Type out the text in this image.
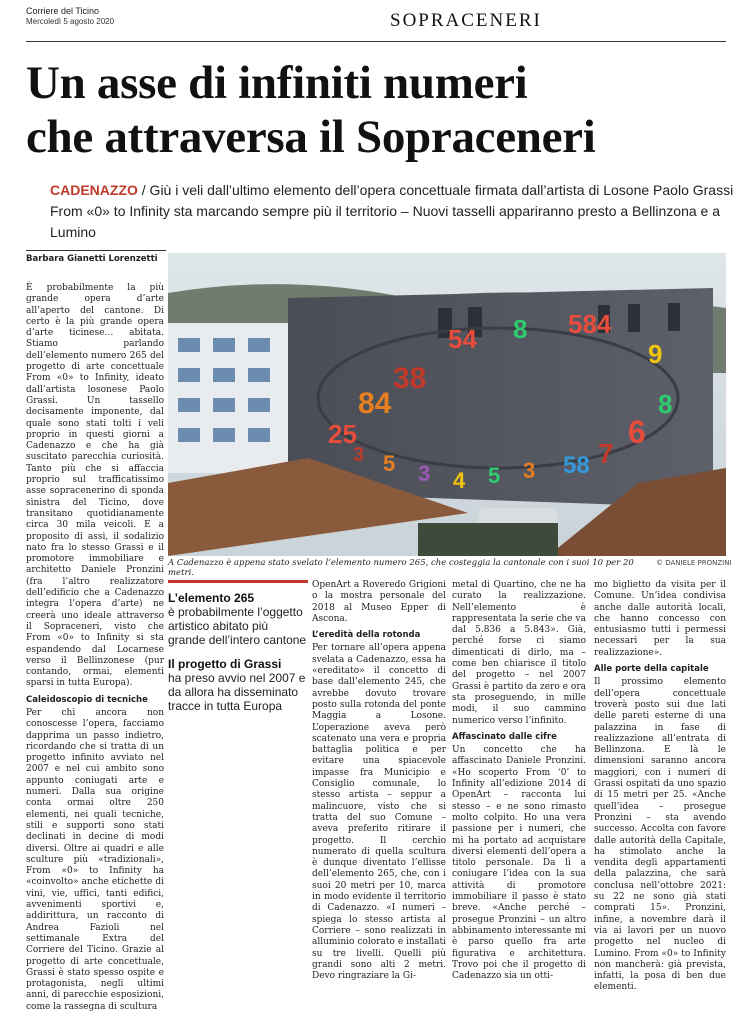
Corriere del Ticino
Mercoledì 5 agosto 2020	SOPRACENERI
Un asse di infiniti numeri
che attraversa il Sopraceneri
CADENAZZO / Giù i veli dall’ultimo elemento dell’opera concettuale firmata dall’artista di Losone Paolo Grassi
From «0» to Infinity sta marcando sempre più il territorio – Nuovi tasselli appariranno presto a Bellinzona e a Lumino
Barbara Gianetti Lorenzetti
È probabilmente la più grande opera d’arte all’aperto del cantone. Di certo è la più grande opera d’arte ticinese… abitata. Stiamo parlando dell’elemento numero 265 del progetto di arte concettuale From «0» to Infinity, ideato dall’artista losonese Paolo Grassi. Un tassello decisamente imponente, dal quale sono stati tolti i veli proprio in questi giorni a Cadenazzo e che ha già suscitato parecchia curiosità. Tanto più che si affaccia proprio sul trafficatissimo asse sopracenerino di sponda sinistra del Ticino, dove transitano quotidianamente circa 30 mila veicoli. E a proposito di assi, il sodalizio nato fra lo stesso Grassi e il promotore immobiliare e architetto Daniele Pronzini (fra l’altro realizzatore dell’edificio che a Cadenazzo integra l’opera d’arte) ne creerà uno ideale attraverso il Sopraceneri, visto che From «0» to Infinity si sta espandendo dal Locarnese verso il Bellinzonese (pur contando, ormai, elementi sparsi in tutta Europa).
Caleidoscopio di tecniche
Per chi ancora non conoscesse l’opera, facciamo dapprima un passo indietro, ricordando che si tratta di un progetto infinito avviato nel 2007 e nel cui ambito sono appunto coniugati arte e numeri. Dalla sua origine conta ormai oltre 250 elementi, nei quali tecniche, stili e supporti sono stati declinati in decine di modi diversi. Oltre ai quadri e alle sculture più «tradizionali», From «0» to Infinity ha «coinvolto» anche etichette di vini, vie, uffici, tanti edifici, avvenimenti sportivi e, addirittura, un racconto di Andrea Fazioli nel settimanale Extra del Corriere del Ticino. Grazie al progetto di arte concettuale, Grassi è stato spesso ospite e protagonista, negli ultimi anni, di parecchie esposizioni, come la rassegna di scultura
25
84
38
54 8 584
9
8
6
7
58
3
5
4
3
5
3
A Cadenazzo è appena stato svelato l’elemento numero 265, che costeggia la cantonale con i suoi 10 per 20 metri.
© DANIELE PRONZINI
L’elemento 265
è probabilmente l’oggetto artistico abitato più grande dell’intero cantone
Il progetto di Grassi
ha preso avvio nel 2007 e da allora ha disseminato tracce in tutta Europa
OpenArt a Roveredo Grigioni o la mostra personale del 2018 al Museo Epper di Ascona.
L’eredità della rotonda
Per tornare all’opera appena svelata a Cadenazzo, essa ha «ereditato» il concetto di base dall’elemento 245, che avrebbe dovuto trovare posto sulla rotonda del ponte Maggia a Losone. L’operazione aveva però scatenato una vera e propria battaglia politica e per evitare una spiacevole impasse fra Municipio e Consiglio comunale, lo stesso artista – seppur a malincuore, visto che si tratta del suo Comune – aveva preferito ritirare il progetto. Il cerchio numerato di quella scultura è dunque diventato l’ellisse dell’elemento 265, che, con i suoi 20 metri per 10, marca in modo evidente il territorio di Cadenazzo. «I numeri – spiega lo stesso artista al Corriere – sono realizzati in alluminio colorato e installati su tre livelli. Quelli più grandi sono alti 2 metri. Devo ringraziare la Gi-
metal di Quartino, che ne ha curato la realizzazione. Nell’elemento è rappresentata la serie che va dal 5.836 a 5.843». Già, perché forse ci siamo dimenticati di dirlo, ma – come ben chiarisce il titolo del progetto – nel 2007 Grassi è partito da zero e ora sta proseguendo, in mille modi, il suo cammino numerico verso l’infinito.
Affascinato dalle cifre
Un concetto che ha affascinato Daniele Pronzini. «Ho scoperto From ‘0’ to Infinity all’edizione 2014 di OpenArt – racconta lui stesso – e ne sono rimasto molto colpito. Ho una vera passione per i numeri, che mi ha portato ad acquistare diversi elementi dell’opera a titolo personale. Da lì a coniugare l’idea con la sua attività di promotore immobiliare il passo è stato breve. «Anche perché – prosegue Pronzini – un altro abbinamento interessante mi è parso quello fra arte figurativa e architettura. Trovo poi che il progetto di Cadenazzo sia un otti-
mo biglietto da visita per il Comune. Un’idea condivisa anche dalle autorità locali, che hanno concesso con entusiasmo tutti i permessi necessari per la sua realizzazione».
Alle porte della capitale
Il prossimo elemento dell’opera concettuale troverà posto sui due lati delle pareti esterne di una palazzina in fase di realizzazione all’entrata di Bellinzona. E là le dimensioni saranno ancora maggiori, con i numeri di Grassi ospitati da uno spazio di 15 metri per 25. «Anche quell’idea – prosegue Pronzini – sta avendo successo. Accolta con favore dalle autorità della Capitale, ha stimolato anche la vendita degli appartamenti della palazzina, che sarà conclusa nell’ottobre 2021: su 22 ne sono già stati comprati 15». Pronzini, infine, a novembre darà il via ai lavori per un nuovo progetto nel nucleo di Lumino. From «0» to Infinity non mancherà: già prevista, infatti, la posa di ben due elementi.
